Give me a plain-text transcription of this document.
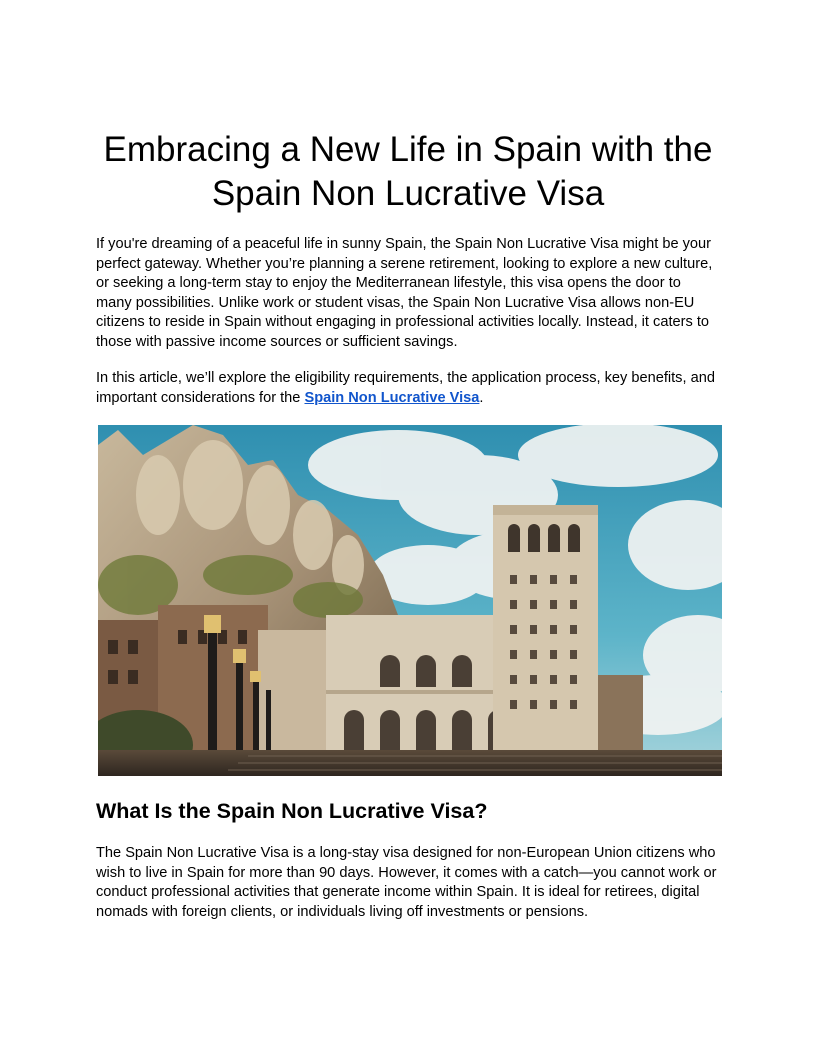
Embracing a New Life in Spain with the
Spain Non Lucrative Visa

If you're dreaming of a peaceful life in sunny Spain, the Spain Non Lucrative Visa might be your perfect gateway. Whether you’re planning a serene retirement, looking to explore a new culture, or seeking a long-term stay to enjoy the Mediterranean lifestyle, this visa opens the door to many possibilities. Unlike work or student visas, the Spain Non Lucrative Visa allows non-EU citizens to reside in Spain without engaging in professional activities locally. Instead, it caters to those with passive income sources or sufficient savings.

In this article, we’ll explore the eligibility requirements, the application process, key benefits, and important considerations for the Spain Non Lucrative Visa.

What Is the Spain Non Lucrative Visa?

The Spain Non Lucrative Visa is a long-stay visa designed for non-European Union citizens who wish to live in Spain for more than 90 days. However, it comes with a catch—you cannot work or conduct professional activities that generate income within Spain. It is ideal for retirees, digital nomads with foreign clients, or individuals living off investments or pensions.
